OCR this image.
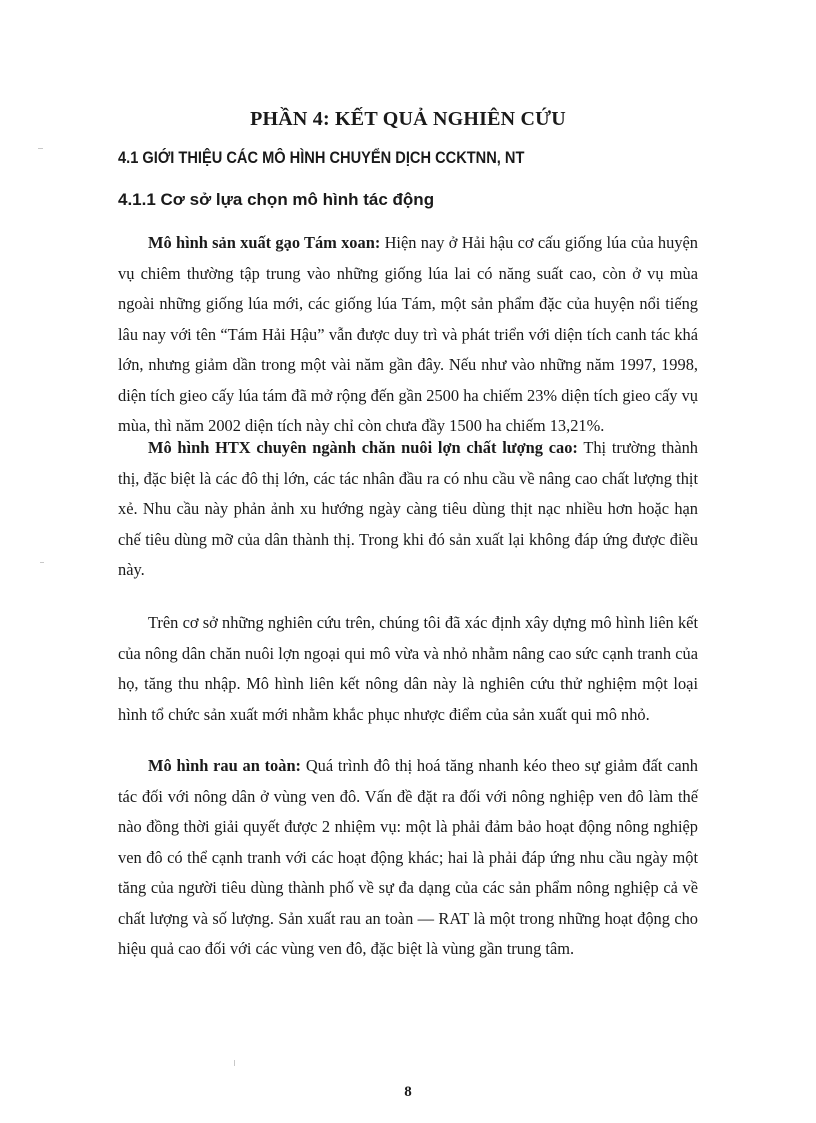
PHẦN 4: KẾT QUẢ NGHIÊN CỨU
4.1 GIỚI THIỆU CÁC MÔ HÌNH CHUYỂN DỊCH CCKTNN, NT
4.1.1 Cơ sở lựa chọn mô hình tác động

Mô hình sản xuất gạo Tám xoan: Hiện nay ở Hải hậu cơ cấu giống lúa của huyện vụ chiêm thường tập trung vào những giống lúa lai có năng suất cao, còn ở vụ mùa ngoài những giống lúa mới, các giống lúa Tám, một sản phẩm đặc của huyện nổi tiếng lâu nay với tên “Tám Hải Hậu” vẫn được duy trì và phát triển với diện tích canh tác khá lớn, nhưng giảm dần trong một vài năm gần đây. Nếu như vào những năm 1997, 1998, diện tích gieo cấy lúa tám đã mở rộng đến gần 2500 ha chiếm 23% diện tích gieo cấy vụ mùa, thì năm 2002 diện tích này chỉ còn chưa đầy 1500 ha chiếm 13,21%.

Mô hình HTX chuyên ngành chăn nuôi lợn chất lượng cao: Thị trường thành thị, đặc biệt là các đô thị lớn, các tác nhân đầu ra có nhu cầu về nâng cao chất lượng thịt xẻ. Nhu cầu này phản ảnh xu hướng ngày càng tiêu dùng thịt nạc nhiều hơn hoặc hạn chế tiêu dùng mỡ của dân thành thị. Trong khi đó sản xuất lại không đáp ứng được điều này.

Trên cơ sở những nghiên cứu trên, chúng tôi đã xác định xây dựng mô hình liên kết của nông dân chăn nuôi lợn ngoại qui mô vừa và nhỏ nhằm nâng cao sức cạnh tranh của họ, tăng thu nhập. Mô hình liên kết nông dân này là nghiên cứu thử nghiệm một loại hình tổ chức sản xuất mới nhằm khắc phục nhược điểm của sản xuất qui mô nhỏ.

Mô hình rau an toàn: Quá trình đô thị hoá tăng nhanh kéo theo sự giảm đất canh tác đối với nông dân ở vùng ven đô. Vấn đề đặt ra đối với nông nghiệp ven đô làm thế nào đồng thời giải quyết được 2 nhiệm vụ: một là phải đảm bảo hoạt động nông nghiệp ven đô có thể cạnh tranh với các hoạt động khác; hai là phải đáp ứng nhu cầu ngày một tăng của người tiêu dùng thành phố về sự đa dạng của các sản phẩm nông nghiệp cả về chất lượng và số lượng. Sản xuất rau an toàn — RAT là một trong những hoạt động cho hiệu quả cao đối với các vùng ven đô, đặc biệt là vùng gần trung tâm.

8
